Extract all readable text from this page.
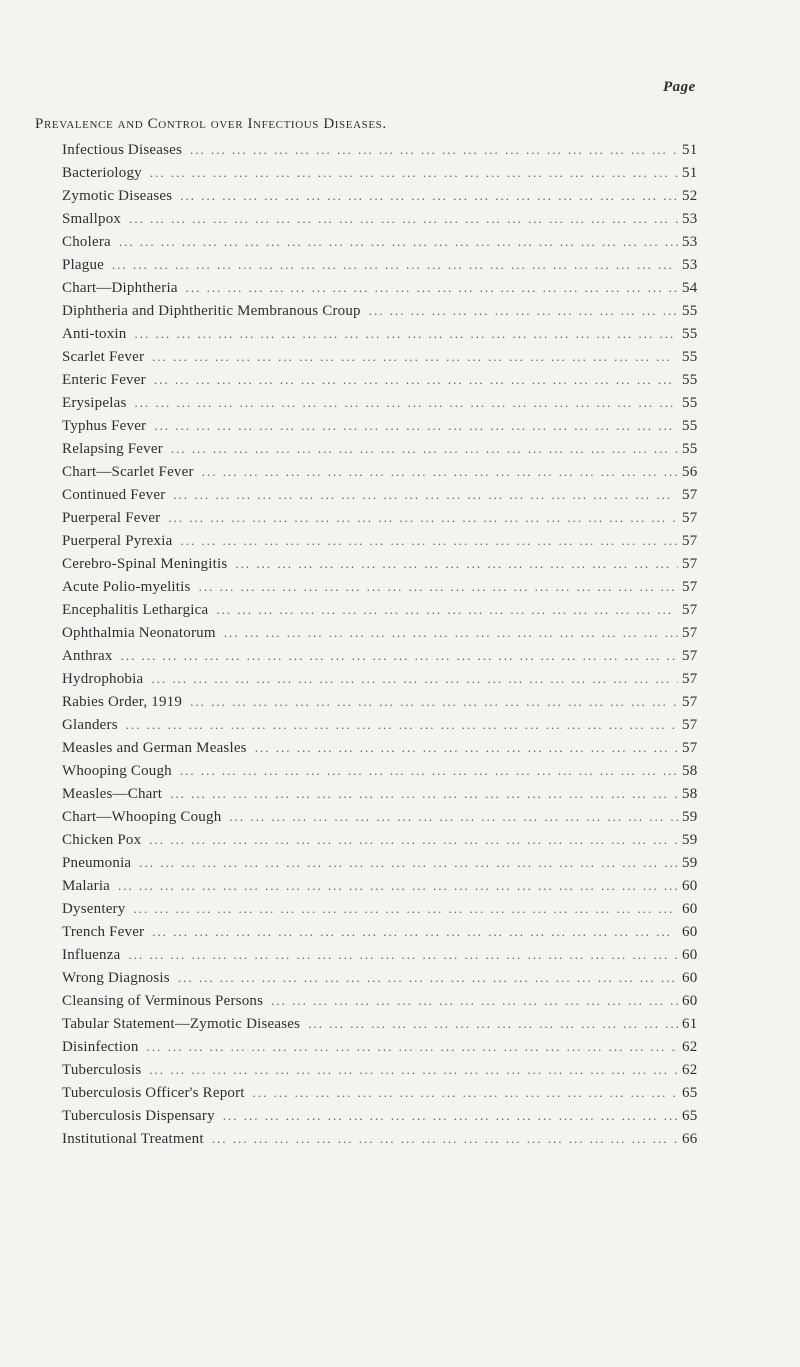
Page
Prevalence and Control over Infectious Diseases.
Infectious Diseases ... .	51
Bacteriology ... .	51
Zymotic Diseases ... .	52
Smallpox ... .	53
Cholera ... .	53
Plague ... .	53
Chart—Diphtheria ... .	54
Diphtheria and Diphtheritic Membranous Croup ... .	55
Anti-toxin ... .	55
Scarlet Fever ... .	55
Enteric Fever ... .	55
Erysipelas ... .	55
Typhus Fever ... .	55
Relapsing Fever ... .	55
Chart—Scarlet Fever ... .	56
Continued Fever ... .	57
Puerperal Fever ... .	57
Puerperal Pyrexia ... .	57
Cerebro-Spinal Meningitis ... .	57
Acute Polio-myelitis ... .	57
Encephalitis Lethargica ... .	57
Ophthalmia Neonatorum ... .	57
Anthrax ... .	57
Hydrophobia ... .	57
Rabies Order, 1919 ... .	57
Glanders ... .	57
Measles and German Measles ... .	57
Whooping Cough ... .	58
Measles—Chart ... .	58
Chart—Whooping Cough ... .	59
Chicken Pox ... .	59
Pneumonia ... .	59
Malaria ... .	60
Dysentery ... .	60
Trench Fever ... .	60
Influenza ... .	60
Wrong Diagnosis ... .	60
Cleansing of Verminous Persons ... .	60
Tabular Statement—Zymotic Diseases ... .	61
Disinfection ... .	62
Tuberculosis ... .	62
Tuberculosis Officer's Report ... .	65
Tuberculosis Dispensary ... .	65
Institutional Treatment ... .	66
